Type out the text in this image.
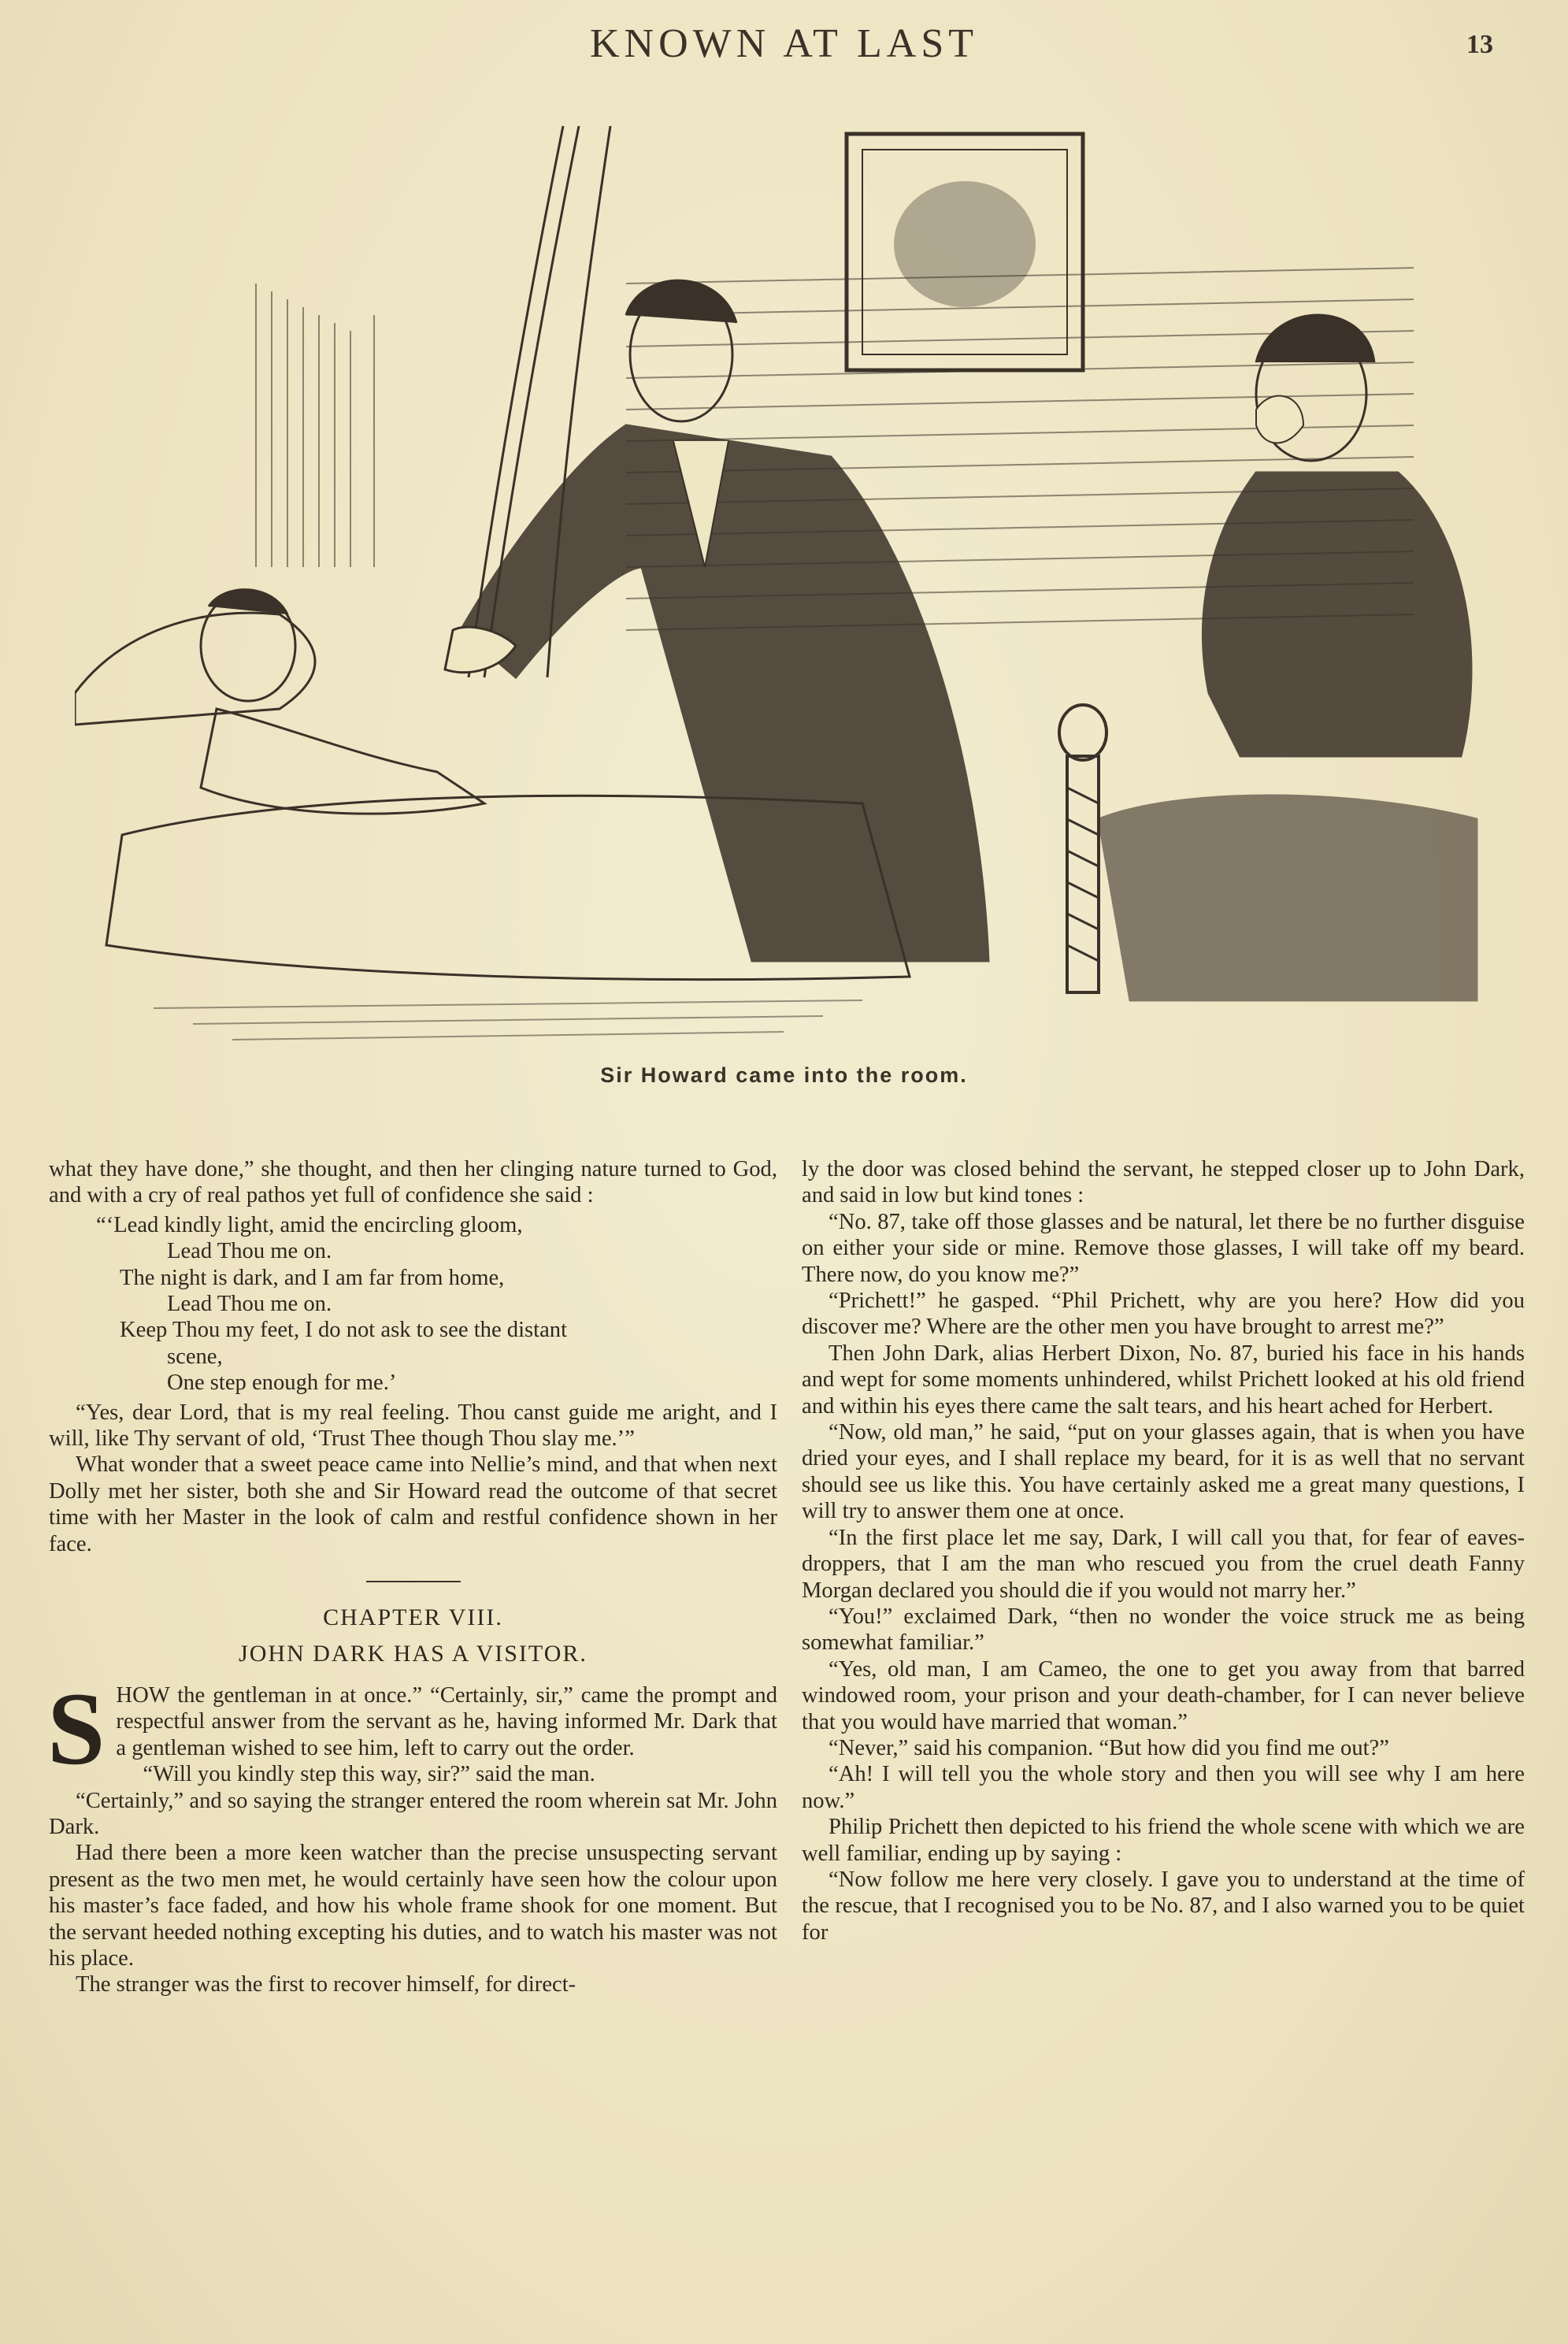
KNOWN AT LAST	13
Sir Howard came into the room.

what they have done,” she thought, and then her clinging nature turned to God, and with a cry of real pathos yet full of confidence she said :

“‘Lead kindly light, amid the encircling gloom,
Lead Thou me on.
The night is dark, and I am far from home,
Lead Thou me on.
Keep Thou my feet, I do not ask to see the distant
scene,
One step enough for me.’

“Yes, dear Lord, that is my real feeling. Thou canst guide me aright, and I will, like Thy servant of old, ‘Trust Thee though Thou slay me.’”

What wonder that a sweet peace came into Nellie’s mind, and that when next Dolly met her sister, both she and Sir Howard read the outcome of that secret time with her Master in the look of calm and restful confidence shown in her face.

CHAPTER VIII.
JOHN DARK HAS A VISITOR.

SHOW the gentleman in at once.” “Certainly, sir,” came the prompt and respectful answer from the servant as he, having informed Mr. Dark that a gentleman wished to see him, left to carry out the order.

“Will you kindly step this way, sir?” said the man.

“Certainly,” and so saying the stranger entered the room wherein sat Mr. John Dark.

Had there been a more keen watcher than the precise unsuspecting servant present as the two men met, he would certainly have seen how the colour upon his master’s face faded, and how his whole frame shook for one moment. But the servant heeded nothing excepting his duties, and to watch his master was not his place.

The stranger was the first to recover himself, for direct-

ly the door was closed behind the servant, he stepped closer up to John Dark, and said in low but kind tones :

“No. 87, take off those glasses and be natural, let there be no further disguise on either your side or mine. Remove those glasses, I will take off my beard. There now, do you know me?”

“Prichett!” he gasped. “Phil Prichett, why are you here? How did you discover me? Where are the other men you have brought to arrest me?”

Then John Dark, alias Herbert Dixon, No. 87, buried his face in his hands and wept for some moments unhindered, whilst Prichett looked at his old friend and within his eyes there came the salt tears, and his heart ached for Herbert.

“Now, old man,” he said, “put on your glasses again, that is when you have dried your eyes, and I shall replace my beard, for it is as well that no servant should see us like this. You have certainly asked me a great many questions, I will try to answer them one at once.

“In the first place let me say, Dark, I will call you that, for fear of eaves-droppers, that I am the man who rescued you from the cruel death Fanny Morgan declared you should die if you would not marry her.”

“You!” exclaimed Dark, “then no wonder the voice struck me as being somewhat familiar.”

“Yes, old man, I am Cameo, the one to get you away from that barred windowed room, your prison and your death-chamber, for I can never believe that you would have married that woman.”

“Never,” said his companion. “But how did you find me out?”

“Ah! I will tell you the whole story and then you will see why I am here now.”

Philip Prichett then depicted to his friend the whole scene with which we are well familiar, ending up by saying :

“Now follow me here very closely. I gave you to understand at the time of the rescue, that I recognised you to be No. 87, and I also warned you to be quiet for
